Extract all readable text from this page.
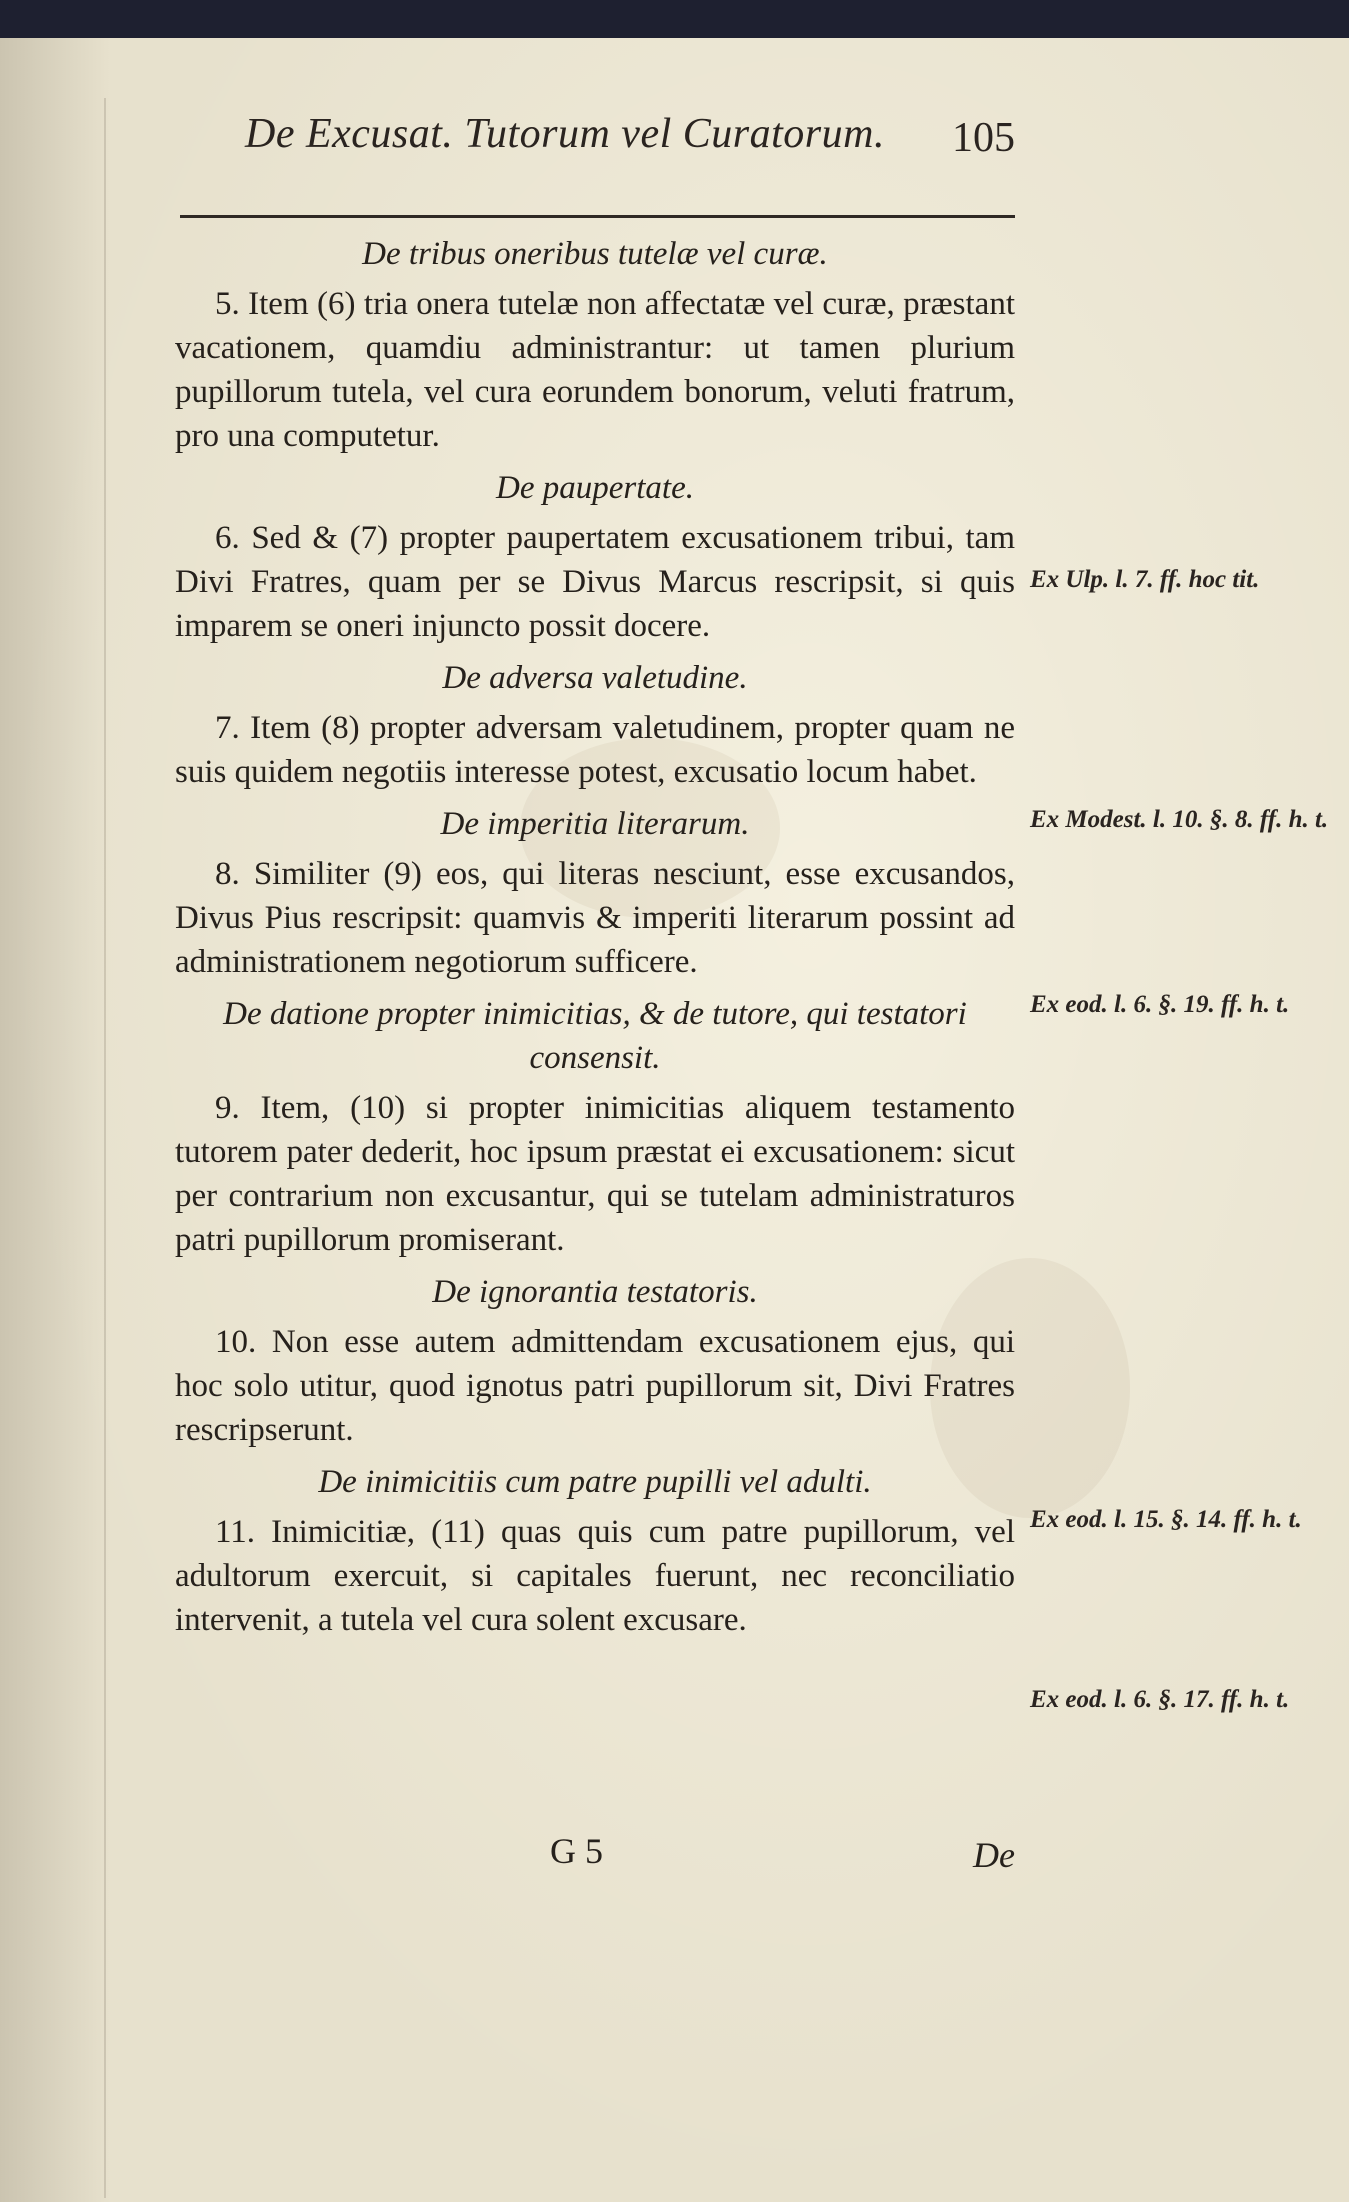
De Excusat. Tutorum vel Curatorum. 105
De tribus oneribus tutelæ vel curæ.

5. Item (6) tria onera tutelæ non affectatæ vel curæ, præstant vacationem, quamdiu administrantur: ut tamen plurium pupillorum tutela, vel cura eorundem bonorum, veluti fratrum, pro una computetur.

De paupertate.

6. Sed & (7) propter paupertatem excusationem tribui, tam Divi Fratres, quam per se Divus Marcus rescripsit, si quis imparem se oneri injuncto possit docere.

De adversa valetudine.

7. Item (8) propter adversam valetudinem, propter quam ne suis quidem negotiis interesse potest, excusatio locum habet.

De imperitia literarum.

8. Similiter (9) eos, qui literas nesciunt, esse excusandos, Divus Pius rescripsit: quamvis & imperiti literarum possint ad administrationem negotiorum sufficere.

De datione propter inimicitias, & de tutore, qui testatori consensit.

9. Item, (10) si propter inimicitias aliquem testamento tutorem pater dederit, hoc ipsum præstat ei excusationem: sicut per contrarium non excusantur, qui se tutelam administraturos patri pupillorum promiserant.

De ignorantia testatoris.

10. Non esse autem admittendam excusationem ejus, qui hoc solo utitur, quod ignotus patri pupillorum sit, Divi Fratres rescripserunt.

De inimicitiis cum patre pupilli vel adulti.

11. Inimicitiæ, (11) quas quis cum patre pupillorum, vel adultorum exercuit, si capitales fuerunt, nec reconciliatio intervenit, a tutela vel cura solent excusare.

Ex Ulp. l. 7. ff. hoc tit.
Ex Modest. l. 10. §. 8. ff. h. t.
Ex eod. l. 6. §. 19. ff. h. t.
Ex eod. l. 15. §. 14. ff. h. t.
Ex eod. l. 6. §. 17. ff. h. t.
G 5	De
